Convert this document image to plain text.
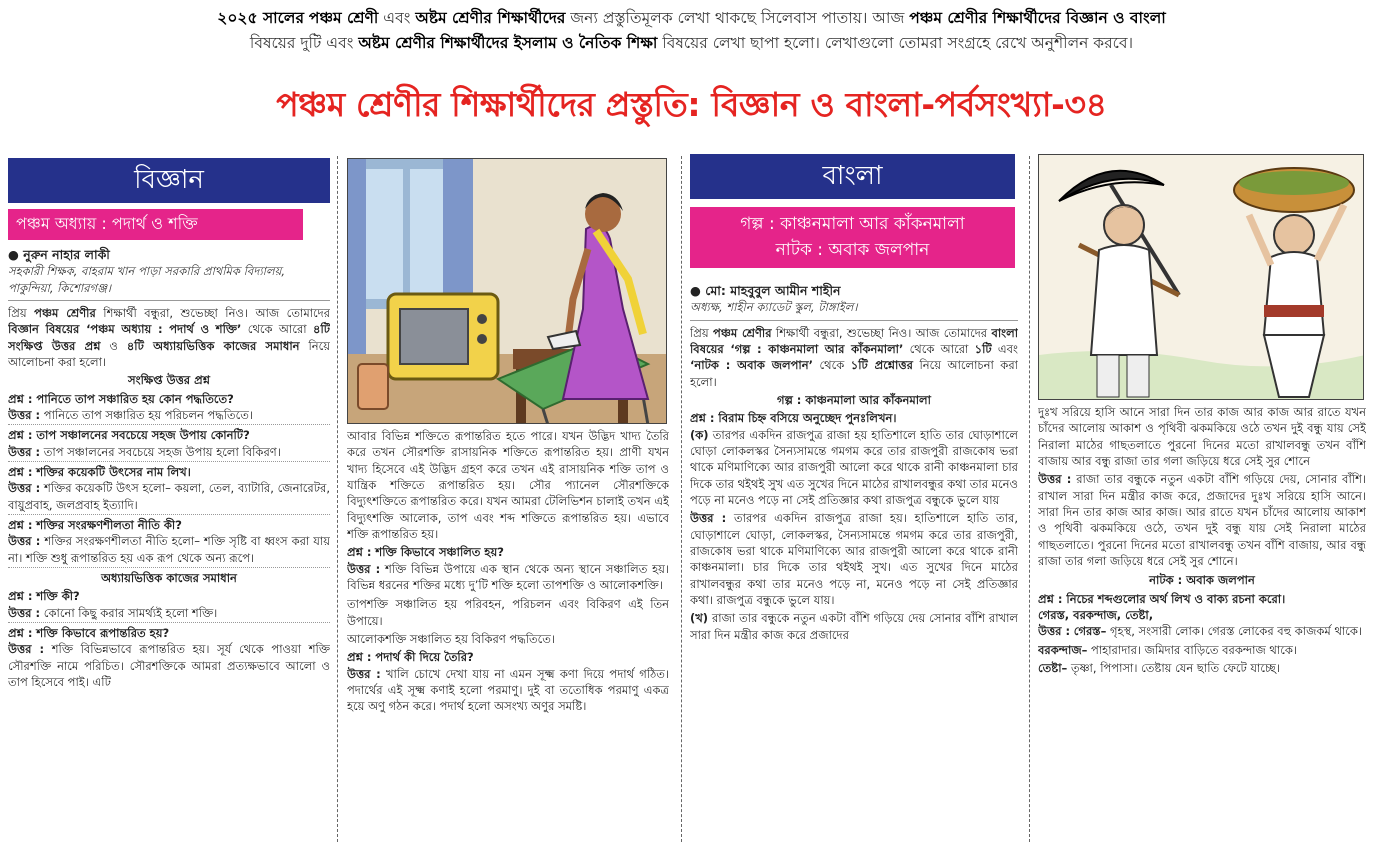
২০২৫ সালের পঞ্চম শ্রেণী এবং অষ্টম শ্রেণীর শিক্ষার্থীদের জন্য প্রস্তুতিমূলক লেখা থাকছে সিলেবাস পাতায়। আজ পঞ্চম শ্রেণীর শিক্ষার্থীদের বিজ্ঞান ও বাংলা
বিষয়ের দুটি এবং অষ্টম শ্রেণীর শিক্ষার্থীদের ইসলাম ও নৈতিক শিক্ষা বিষয়ের লেখা ছাপা হলো। লেখাগুলো তোমরা সংগ্রহে রেখে অনুশীলন করবে।
পঞ্চম শ্রেণীর শিক্ষার্থীদের প্রস্তুতি: বিজ্ঞান ও বাংলা-পর্বসংখ্যা-৩৪
বিজ্ঞান
পঞ্চম অধ্যায় : পদার্থ ও শক্তি
● নুরুন নাহার লাকী
সহকারী শিক্ষক, বাহরাম খান পাড়া সরকারি প্রাথমিক বিদ্যালয়, পাকুন্দিয়া, কিশোরগঞ্জ।

প্রিয় পঞ্চম শ্রেণীর শিক্ষার্থী বন্ধুরা, শুভেচ্ছা নিও। আজ তোমাদের বিজ্ঞান বিষয়ের ‘পঞ্চম অধ্যায় : পদার্থ ও শক্তি’ থেকে আরো ৪টি সংক্ষিপ্ত উত্তর প্রশ্ন ও ৪টি অধ্যায়ভিত্তিক কাজের সমাধান নিয়ে আলোচনা করা হলো।

সংক্ষিপ্ত উত্তর প্রশ্ন
প্রশ্ন : পানিতে তাপ সঞ্চারিত হয় কোন পদ্ধতিতে?
উত্তর : পানিতে তাপ সঞ্চারিত হয় পরিচলন পদ্ধতিতে।
প্রশ্ন : তাপ সঞ্চালনের সবচেয়ে সহজ উপায় কোনটি?
উত্তর : তাপ সঞ্চালনের সবচেয়ে সহজ উপায় হলো বিকিরণ।
প্রশ্ন : শক্তির কয়েকটি উৎসের নাম লিখ।
উত্তর : শক্তির কয়েকটি উৎস হলো– কয়লা, তেল, ব্যাটারি, জেনারেটর, বায়ুপ্রবাহ, জলপ্রবাহ ইত্যাদি।
প্রশ্ন : শক্তির সংরক্ষণশীলতা নীতি কী?
উত্তর : শক্তির সংরক্ষণশীলতা নীতি হলো– শক্তি সৃষ্টি বা ধ্বংস করা যায় না। শক্তি শুধু রূপান্তরিত হয় এক রূপ থেকে অন্য রূপে।
অধ্যায়ভিত্তিক কাজের সমাধান
প্রশ্ন : শক্তি কী?
উত্তর : কোনো কিছু করার সামর্থ্যই হলো শক্তি।
প্রশ্ন : শক্তি কিভাবে রূপান্তরিত হয়?
উত্তর : শক্তি বিভিন্নভাবে রূপান্তরিত হয়। সূর্য থেকে পাওয়া শক্তি সৌরশক্তি নামে পরিচিত। সৌরশক্তিকে আমরা প্রত্যক্ষভাবে আলো ও তাপ হিসেবে পাই। এটি

আবার বিভিন্ন শক্তিতে রূপান্তরিত হতে পারে। যখন উদ্ভিদ খাদ্য তৈরি করে তখন সৌরশক্তি রাসায়নিক শক্তিতে রূপান্তরিত হয়। প্রাণী যখন খাদ্য হিসেবে এই উদ্ভিদ গ্রহণ করে তখন এই রাসায়নিক শক্তি তাপ ও যান্ত্রিক শক্তিতে রূপান্তরিত হয়। সৌর প্যানেল সৌরশক্তিকে বিদ্যুৎশক্তিতে রূপান্তরিত করে। যখন আমরা টেলিভিশন চালাই তখন এই বিদ্যুৎশক্তি আলোক, তাপ এবং শব্দ শক্তিতে রূপান্তরিত হয়। এভাবে শক্তি রূপান্তরিত হয়।

প্রশ্ন : শক্তি কিভাবে সঞ্চালিত হয়?
উত্তর : শক্তি বিভিন্ন উপায়ে এক স্থান থেকে অন্য স্থানে সঞ্চালিত হয়। বিভিন্ন ধরনের শক্তির মধ্যে দু’টি শক্তি হলো তাপশক্তি ও আলোকশক্তি।

তাপশক্তি সঞ্চালিত হয় পরিবহন, পরিচলন এবং বিকিরণ এই তিন উপায়ে।

আলোকশক্তি সঞ্চালিত হয় বিকিরণ পদ্ধতিতে।

প্রশ্ন : পদার্থ কী দিয়ে তৈরি?
উত্তর : খালি চোখে দেখা যায় না এমন সূক্ষ্ম কণা দিয়ে পদার্থ গঠিত। পদার্থের এই সূক্ষ্ম কণাই হলো পরমাণু। দুই বা ততোধিক পরমাণু একত্র হয়ে অণু গঠন করে। পদার্থ হলো অসংখ্য অণুর সমষ্টি।
বাংলা
গল্প : কাঞ্চনমালা আর কাঁকনমালা
নাটক : অবাক জলপান
● মো: মাহবুবুল আমীন শাহীন
অধ্যক্ষ, শাহীন ক্যাডেট স্কুল, টাঙ্গাইল।

প্রিয় পঞ্চম শ্রেণীর শিক্ষার্থী বন্ধুরা, শুভেচ্ছা নিও। আজ তোমাদের বাংলা বিষয়ের ‘গল্প : কাঞ্চনমালা আর কাঁকনমালা’ থেকে আরো ১টি এবং ‘নাটক : অবাক জলপান’ থেকে ১টি প্রশ্নোত্তর নিয়ে আলোচনা করা হলো।

গল্প : কাঞ্চনমালা আর কাঁকনমালা
প্রশ্ন : বিরাম চিহ্ন বসিয়ে অনুচ্ছেদ পুনঃলিখন।

(ক) তারপর একদিন রাজপুত্র রাজা হয় হাতিশালে হাতি তার ঘোড়াশালে ঘোড়া লোকলস্কর সৈন্যসামন্তে গমগম করে তার রাজপুরী রাজকোষ ভরা থাকে মণিমাণিক্যে আর রাজপুরী আলো করে থাকে রানী কাঞ্চনমালা চার দিকে তার থইথই সুখ এত সুখের দিনে মাঠের রাখালবন্ধুর কথা তার মনেও পড়ে না মনেও পড়ে না সেই প্রতিজ্ঞার কথা রাজপুত্র বন্ধুকে ভুলে যায়

উত্তর : তারপর একদিন রাজপুত্র রাজা হয়। হাতিশালে হাতি তার, ঘোড়াশালে ঘোড়া, লোকলস্কর, সৈন্যসামন্তে গমগম করে তার রাজপুরী, রাজকোষ ভরা থাকে মণিমাণিক্যে আর রাজপুরী আলো করে থাকে রানী কাঞ্চনমালা। চার দিকে তার থইথই সুখ। এত সুখের দিনে মাঠের রাখালবন্ধুর কথা তার মনেও পড়ে না, মনেও পড়ে না সেই প্রতিজ্ঞার কথা। রাজপুত্র বন্ধুকে ভুলে যায়।

(খ) রাজা তার বন্ধুকে নতুন একটা বাঁশি গড়িয়ে দেয় সোনার বাঁশি রাখাল সারা দিন মন্ত্রীর কাজ করে প্রজাদের

দুঃখ সরিয়ে হাসি আনে সারা দিন তার কাজ আর কাজ আর রাতে যখন চাঁদের আলোয় আকাশ ও পৃথিবী ঝকমকিয়ে ওঠে তখন দুই বন্ধু যায় সেই নিরালা মাঠের গাছতলাতে পুরনো দিনের মতো রাখালবন্ধু তখন বাঁশি বাজায় আর বন্ধু রাজা তার গলা জড়িয়ে ধরে সেই সুর শোনে

উত্তর : রাজা তার বন্ধুকে নতুন একটা বাঁশি গড়িয়ে দেয়, সোনার বাঁশি। রাখাল সারা দিন মন্ত্রীর কাজ করে, প্রজাদের দুঃখ সরিয়ে হাসি আনে। সারা দিন তার কাজ আর কাজ। আর রাতে যখন চাঁদের আলোয় আকাশ ও পৃথিবী ঝকমকিয়ে ওঠে, তখন দুই বন্ধু যায় সেই নিরালা মাঠের গাছতলাতে। পুরনো দিনের মতো রাখালবন্ধু তখন বাঁশি বাজায়, আর বন্ধু রাজা তার গলা জড়িয়ে ধরে সেই সুর শোনে।
নাটক : অবাক জলপান
প্রশ্ন : নিচের শব্দগুলোর অর্থ লিখ ও বাক্য রচনা করো।
গেরস্ত, বরকন্দাজ, তেষ্টা,

উত্তর : গেরস্ত– গৃহস্থ, সংসারী লোক। গেরস্ত লোকের বহু কাজকর্ম থাকে।

বরকন্দাজ– পাহারাদার। জমিদার বাড়িতে বরকন্দাজ থাকে।

তেষ্টা– তৃষ্ণা, পিপাসা। তেষ্টায় যেন ছাতি ফেটে যাচ্ছে।
